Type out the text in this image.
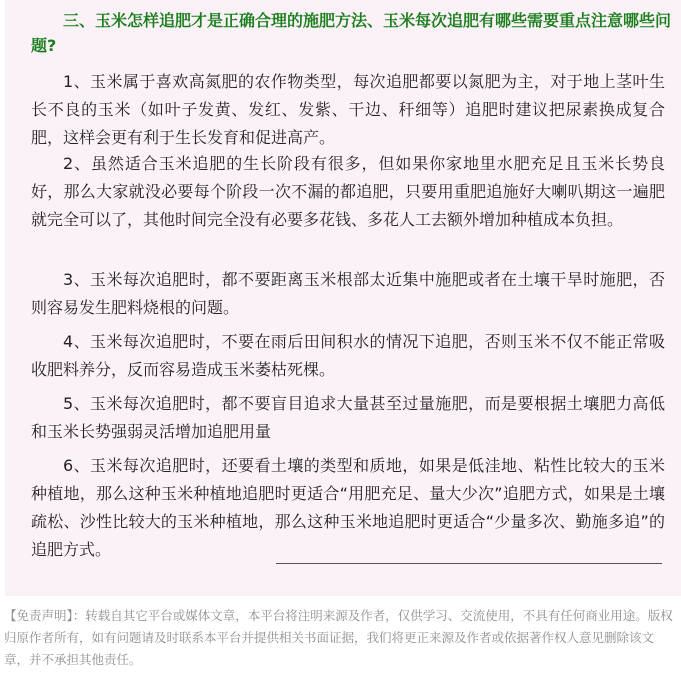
三、玉米怎样追肥才是正确合理的施肥方法、玉米每次追肥有哪些需要重点注意哪些问题?

1、玉米属于喜欢高氮肥的农作物类型，每次追肥都要以氮肥为主，对于地上茎叶生长不良的玉米（如叶子发黄、发红、发紫、干边、秆细等）追肥时建议把尿素换成复合肥，这样会更有利于生长发育和促进高产。

2、虽然适合玉米追肥的生长阶段有很多，但如果你家地里水肥充足且玉米长势良好，那么大家就没必要每个阶段一次不漏的都追肥，只要用重肥追施好大喇叭期这一遍肥就完全可以了，其他时间完全没有必要多花钱、多花人工去额外增加种植成本负担。

3、玉米每次追肥时，都不要距离玉米根部太近集中施肥或者在土壤干旱时施肥，否则容易发生肥料烧根的问题。

4、玉米每次追肥时，不要在雨后田间积水的情况下追肥，否则玉米不仅不能正常吸收肥料养分，反而容易造成玉米萎枯死棵。

5、玉米每次追肥时，都不要盲目追求大量甚至过量施肥，而是要根据土壤肥力高低和玉米长势强弱灵活增加追肥用量

6、玉米每次追肥时，还要看土壤的类型和质地，如果是低洼地、粘性比较大的玉米种植地，那么这种玉米种植地追肥时更适合“用肥充足、量大少次”追肥方式，如果是土壤疏松、沙性比较大的玉米种植地，那么这种玉米地追肥时更适合“少量多次、勤施多追”的追肥方式。

【免责声明】：转载自其它平台或媒体文章，本平台将注明来源及作者，仅供学习、交流使用，不具有任何商业用途。版权归原作者所有，如有问题请及时联系本平台并提供相关书面证据，我们将更正来源及作者或依据著作权人意见删除该文章，并不承担其他责任。
